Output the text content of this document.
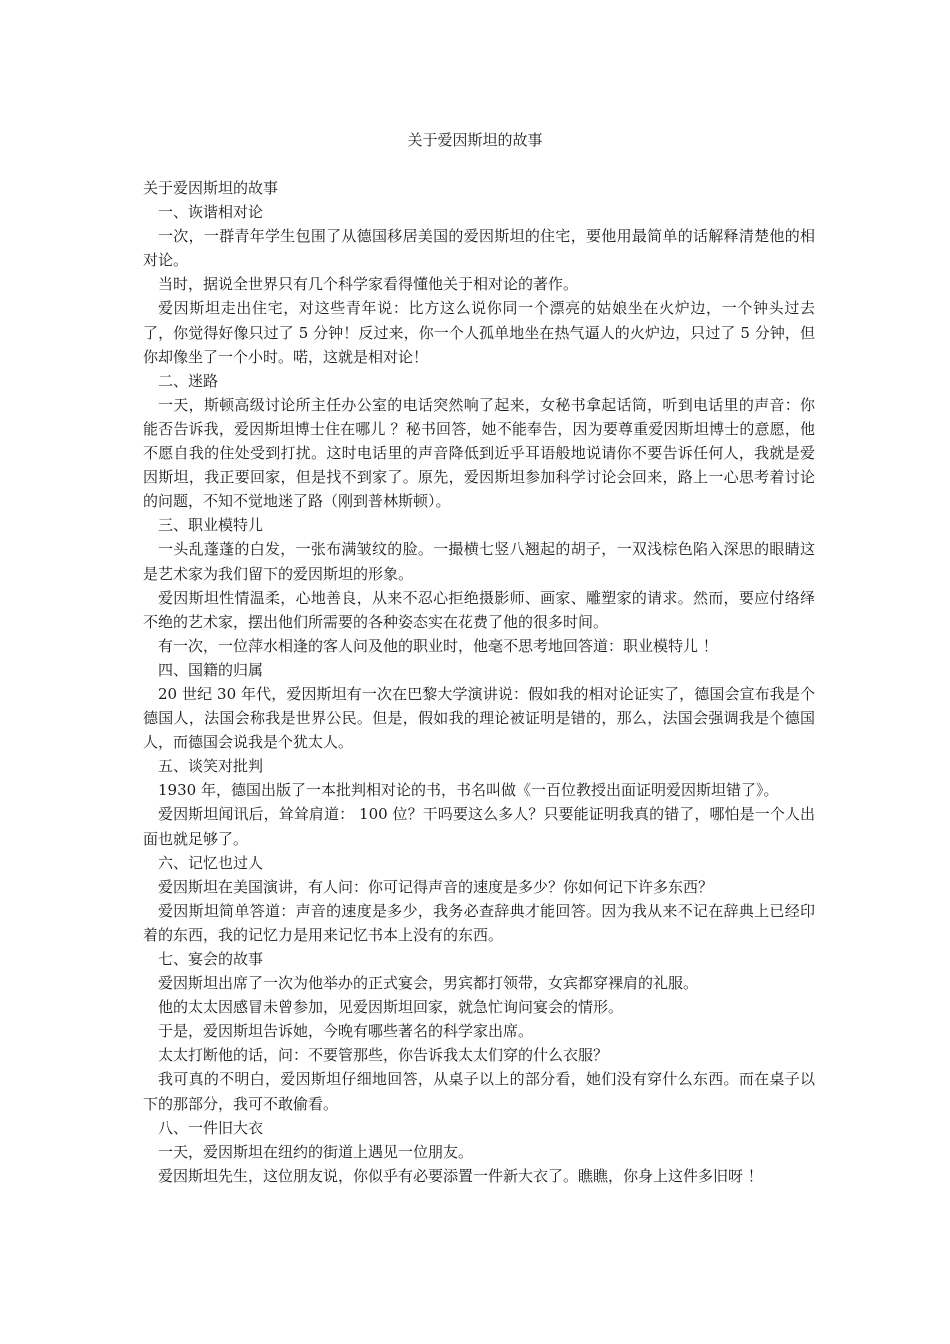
关于爱因斯坦的故事

关于爱因斯坦的故事

一、诙谐相对论

一次，一群青年学生包围了从德国移居美国的爱因斯坦的住宅，要他用最简单的话解释清楚他的相对论。

当时，据说全世界只有几个科学家看得懂他关于相对论的著作。

爱因斯坦走出住宅，对这些青年说：比方这么说你同一个漂亮的姑娘坐在火炉边，一个钟头过去了，你觉得好像只过了 5 分钟！反过来，你一个人孤单地坐在热气逼人的火炉边，只过了 5 分钟，但你却像坐了一个小时。喏，这就是相对论！

二、迷路

一天，斯顿高级讨论所主任办公室的电话突然响了起来，女秘书拿起话筒，听到电话里的声音：你能否告诉我，爱因斯坦博士住在哪儿 ？秘书回答，她不能奉告，因为要尊重爱因斯坦博士的意愿，他不愿自我的住处受到打扰。这时电话里的声音降低到近乎耳语般地说请你不要告诉任何人，我就是爱因斯坦，我正要回家，但是找不到家了。原先，爱因斯坦参加科学讨论会回来，路上一心思考着讨论的问题，不知不觉地迷了路（刚到普林斯顿）。

三、职业模特儿

一头乱蓬蓬的白发，一张布满皱纹的脸。一撮横七竖八翘起的胡子，一双浅棕色陷入深思的眼睛这是艺术家为我们留下的爱因斯坦的形象。

爱因斯坦性情温柔，心地善良，从来不忍心拒绝摄影师、画家、雕塑家的请求。然而，要应付络绎不绝的艺术家，摆出他们所需要的各种姿态实在花费了他的很多时间。

有一次，一位萍水相逢的客人问及他的职业时，他毫不思考地回答道：职业模特儿 ！

四、国籍的归属

20 世纪 30 年代，爱因斯坦有一次在巴黎大学演讲说：假如我的相对论证实了，德国会宣布我是个德国人，法国会称我是世界公民。但是，假如我的理论被证明是错的，那么，法国会强调我是个德国人，而德国会说我是个犹太人。

五、谈笑对批判

1930 年，德国出版了一本批判相对论的书，书名叫做《一百位教授出面证明爱因斯坦错了》。

爱因斯坦闻讯后，耸耸肩道： 100 位？干吗要这么多人？只要能证明我真的错了，哪怕是一个人出面也就足够了。

六、记忆也过人

爱因斯坦在美国演讲，有人问：你可记得声音的速度是多少？你如何记下许多东西？

爱因斯坦简单答道：声音的速度是多少，我务必查辞典才能回答。因为我从来不记在辞典上已经印着的东西，我的记忆力是用来记忆书本上没有的东西。

七、宴会的故事

爱因斯坦出席了一次为他举办的正式宴会，男宾都打领带，女宾都穿裸肩的礼服。

他的太太因感冒未曾参加，见爱因斯坦回家，就急忙询问宴会的情形。

于是，爱因斯坦告诉她，今晚有哪些著名的科学家出席。

太太打断他的话，问：不要管那些，你告诉我太太们穿的什么衣服？

我可真的不明白，爱因斯坦仔细地回答，从桌子以上的部分看，她们没有穿什么东西。而在桌子以下的那部分，我可不敢偷看。

八、一件旧大衣

一天，爱因斯坦在纽约的街道上遇见一位朋友。

爱因斯坦先生，这位朋友说，你似乎有必要添置一件新大衣了。瞧瞧，你身上这件多旧呀 ！
